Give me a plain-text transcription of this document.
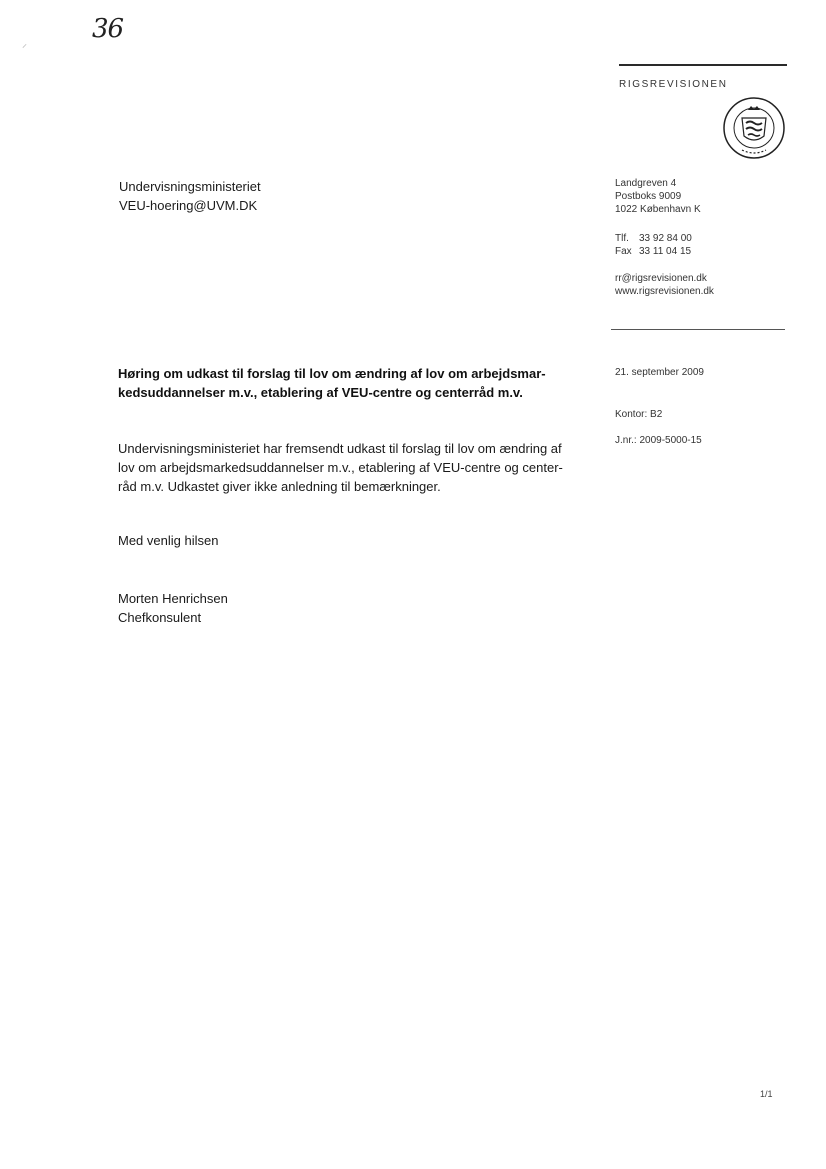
36
⸝
RIGSREVISIONEN
Undervisningsministeriet
VEU-hoering@UVM.DK
Landgreven 4
Postboks 9009
1022 København K
Tlf. 33 92 84 00
Fax 33 11 04 15
rr@rigsrevisionen.dk
www.rigsrevisionen.dk
Høring om udkast til forslag til lov om ændring af lov om arbejdsmar-
kedsuddannelser m.v., etablering af VEU-centre og centerråd m.v.
21. september 2009
Kontor: B2
J.nr.: 2009-5000-15
Undervisningsministeriet har fremsendt udkast til forslag til lov om ændring af
lov om arbejdsmarkedsuddannelser m.v., etablering af VEU-centre og center-
råd m.v. Udkastet giver ikke anledning til bemærkninger.
Med venlig hilsen
Morten Henrichsen
Chefkonsulent
1/1
